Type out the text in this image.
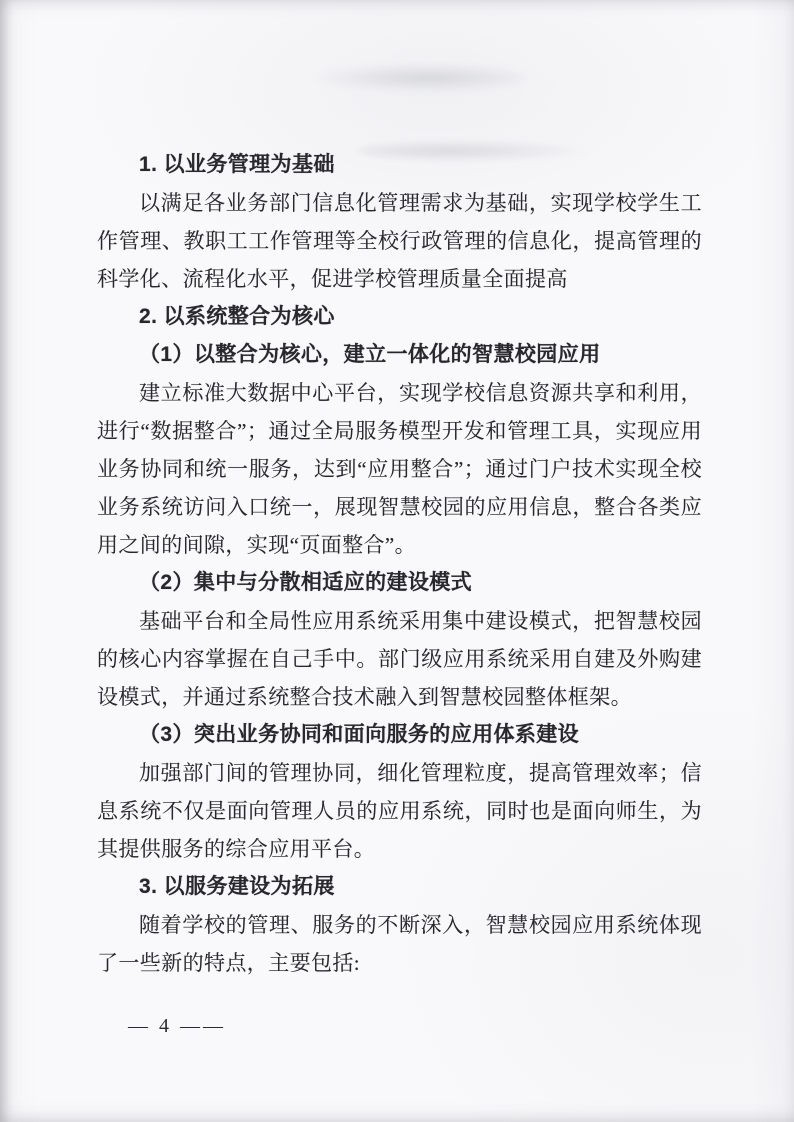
1. 以业务管理为基础

以满足各业务部门信息化管理需求为基础，实现学校学生工作管理、教职工工作管理等全校行政管理的信息化，提高管理的科学化、流程化水平，促进学校管理质量全面提高

2. 以系统整合为核心

（1）以整合为核心，建立一体化的智慧校园应用

建立标准大数据中心平台，实现学校信息资源共享和利用，进行“数据整合”；通过全局服务模型开发和管理工具，实现应用业务协同和统一服务，达到“应用整合”；通过门户技术实现全校业务系统访问入口统一，展现智慧校园的应用信息，整合各类应用之间的间隙，实现“页面整合”。

（2）集中与分散相适应的建设模式

基础平台和全局性应用系统采用集中建设模式，把智慧校园的核心内容掌握在自己手中。部门级应用系统采用自建及外购建设模式，并通过系统整合技术融入到智慧校园整体框架。

（3）突出业务协同和面向服务的应用体系建设

加强部门间的管理协同，细化管理粒度，提高管理效率；信息系统不仅是面向管理人员的应用系统，同时也是面向师生，为其提供服务的综合应用平台。

3. 以服务建设为拓展

随着学校的管理、服务的不断深入，智慧校园应用系统体现了一些新的特点，主要包括:

— 4 ——
